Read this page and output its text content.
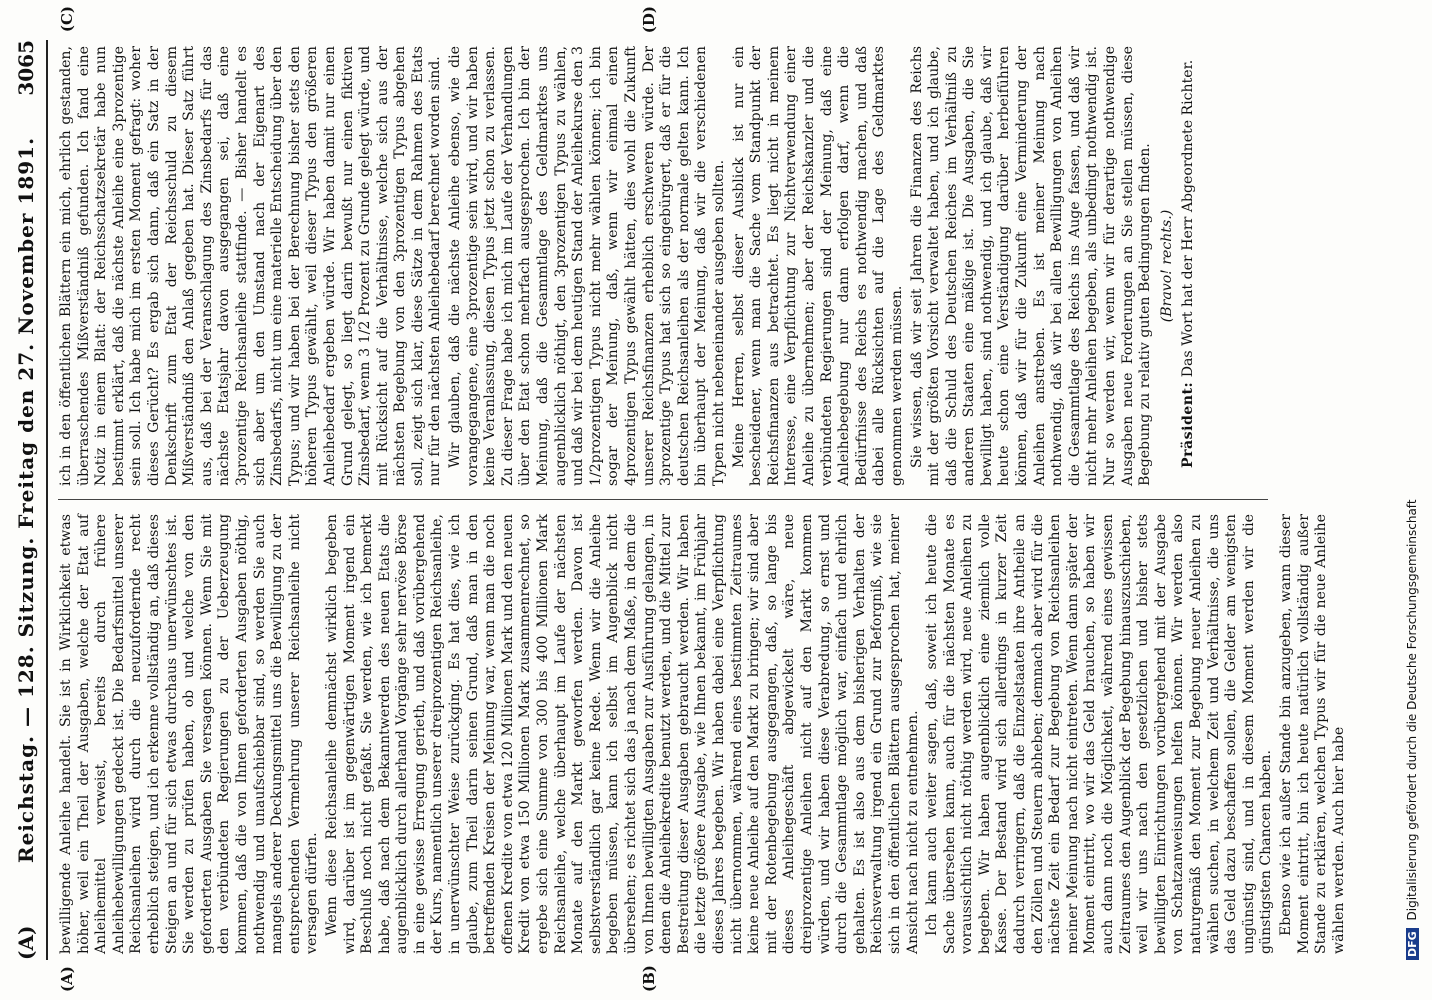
(A)
Reichstag. — 128. Sitzung. Freitag den 27. November 1891.
3065
(A)	(B)
(C)	(D)

bewilligende Anleihe handelt. Sie ist in Wirklichkeit etwas höher, weil ein Theil der Ausgaben, welche der Etat auf Anleihemittel verweist, bereits durch frühere Anleihebewilligungen gedeckt ist. Die Bedarfsmittel unserer Reichsanleihen wird durch die neuzufordernde recht erheblich steigen, und ich erkenne vollständig an, daß dieses Steigen an und für sich etwas durchaus unerwünschtes ist. Sie werden zu prüfen haben, ob und welche von den geforderten Ausgaben Sie versagen können. Wenn Sie mit den verbündeten Regierungen zu der Ueberzeugung kommen, daß die von Ihnen geforderten Ausgaben nöthig, nothwendig und unaufschiebbar sind, so werden Sie auch mangels anderer Deckungsmittel uns die Bewilligung zu der entsprechenden Vermehrung unserer Reichsanleihe nicht versagen dürfen. Wenn diese Reichsanleihe demnächst wirklich begeben wird, darüber ist im gegenwärtigen Moment irgend ein Beschluß noch nicht gefaßt. Sie werden, wie ich bemerkt habe, daß nach dem Bekanntwerden des neuen Etats die augenblicklich durch allerhand Vorgänge sehr nervöse Börse in eine gewisse Erregung gerieth, und daß vorübergehend der Kurs, namentlich unserer dreiprozentigen Reichsanleihe, in unerwünschter Weise zurückging. Es hat dies, wie ich glaube, zum Theil darin seinen Grund, daß man in den betreffenden Kreisen der Meinung war, wenn man die noch offenen Kredite von etwa 120 Millionen Mark und den neuen Kredit von etwa 150 Millionen Mark zusammenrechnet, so ergebe sich eine Summe von 300 bis 400 Millionen Mark Reichsanleihe, welche überhaupt im Laufe der nächsten Monate auf den Markt geworfen werden. Davon ist selbstverständlich gar keine Rede. Wenn wir die Anleihe begeben müssen, kann ich selbst im Augenblick nicht übersehen; es richtet sich das ja nach dem Maße, in dem die von Ihnen bewilligten Ausgaben zur Ausführung gelangen, in denen die Anleihekredite benutzt werden, und die Mittel zur Bestreitung dieser Ausgaben gebraucht werden. Wir haben die letzte größere Ausgabe, wie Ihnen bekannt, im Frühjahr dieses Jahres begeben. Wir haben dabei eine Verpflichtung nicht übernommen, während eines bestimmten Zeitraumes keine neue Anleihe auf den Markt zu bringen; wir sind aber mit der Rotenbegebung ausgegangen, daß, so lange bis dieses Anleihegeschäft abgewickelt wäre, neue dreiprozentige Anleihen nicht auf den Markt kommen würden, und wir haben diese Verabredung, so ernst und durch die Gesammtlage möglich war, einfach und ehrlich gehalten. Es ist also aus dem bisherigen Verhalten der Reichsverwaltung irgend ein Grund zur Beforgniß, wie sie sich in den öffentlichen Blättern ausgesprochen hat, meiner Ansicht nach nicht zu entnehmen. Ich kann auch weiter sagen, daß, soweit ich heute die Sache übersehen kann, auch für die nächsten Monate es voraussichtlich nicht nöthig werden wird, neue Anleihen zu begeben. Wir haben augenblicklich eine ziemlich volle Kasse. Der Bestand wird sich allerdings in kurzer Zeit dadurch verringern, daß die Einzelstaaten ihre Antheile an den Zöllen und Steuern abheben; demnach aber wird für die nächste Zeit ein Bedarf zur Begebung von Reichsanleihen meiner Meinung nach nicht eintreten. Wenn dann später der Moment eintritt, wo wir das Geld brauchen, so haben wir auch dann noch die Möglichkeit, während eines gewissen Zeitraumes den Augenblick der Begebung hinauszuschieben, weil wir uns nach den gesetzlichen und bisher stets bewilligten Einrichtungen vorübergehend mit der Ausgabe von Schatzanweisungen helfen können. Wir werden also naturgemäß den Moment zur Begebung neuer Anleihen zu wählen suchen, in welchem Zeit und Verhältnisse, die uns das Geld dazu beschaffen sollen, die Gelder am wenigsten ungünstig sind, und in diesem Moment werden wir die günstigsten Chancen haben. Ebenso wie ich außer Stande bin anzugeben, wann dieser Moment eintritt, bin ich heute natürlich vollständig außer Stande zu erklären, welchen Typus wir für die neue Anleihe wählen werden. Auch hier habe

ich in den öffentlichen Blättern ein mich, ehrlich gestanden, überraschendes Mißverständniß gefunden. Ich fand eine Notiz in einem Blatt: der Reichsschatzsekretär habe nun bestimmt erklärt, daß die nächste Anleihe eine 3prozentige sein soll. Ich habe mich im ersten Moment gefragt: woher dieses Gerücht? Es ergab sich dann, daß ein Satz in der Denkschrift zum Etat der Reichsschuld zu diesem Mißverständniß den Anlaß gegeben hat. Dieser Satz führt aus, daß bei der Veranschlagung des Zinsbedarfs für das nächste Etatsjahr davon ausgegangen sei, daß eine 3prozentige Reichsanleihe stattfinde. — Bisher handelt es sich aber um den Umstand nach der Eigenart des Zinsbedarfs, nicht um eine materielle Entscheidung über den Typus; und wir haben bei der Berechnung bisher stets den höheren Typus gewählt, weil dieser Typus den größeren Anleihebedarf ergeben würde. Wir haben damit nur einen Grund gelegt, so liegt darin bewußt nur einen fiktiven Zinsbedarf, wenn 3 1/2 Prozent zu Grunde gelegt würde, und mit Rücksicht auf die Verhältnisse, welche sich aus der nächsten Begebung von den 3prozentigen Typus abgehen soll, zeigt sich klar, diese Sätze in dem Rahmen des Etats nur für den nächsten Anleihebedarf berechnet worden sind. Wir glauben, daß die nächste Anleihe ebenso, wie die vorangegangene, eine 3prozentige sein wird, und wir haben keine Veranlassung, diesen Typus jetzt schon zu verlassen. Zu dieser Frage habe ich mich im Laufe der Verhandlungen über den Etat schon mehrfach ausgesprochen. Ich bin der Meinung, daß die Gesammtlage des Geldmarktes uns augenblicklich nöthigt, den 3prozentigen Typus zu wählen, und daß wir bei dem heutigen Stand der Anleihekurse den 3 1/2prozentigen Typus nicht mehr wählen können; ich bin sogar der Meinung, daß, wenn wir einmal einen 4prozentigen Typus gewählt hätten, dies wohl die Zukunft unserer Reichsfinanzen erheblich erschweren würde. Der 3prozentige Typus hat sich so eingebürgert, daß er für die deutschen Reichsanleihen als der normale gelten kann. Ich bin überhaupt der Meinung, daß wir die verschiedenen Typen nicht nebeneinander ausgeben sollten. Meine Herren, selbst dieser Ausblick ist nur ein bescheidener, wenn man die Sache vom Standpunkt der Reichsfinanzen aus betrachtet. Es liegt nicht in meinem Interesse, eine Verpflichtung zur Nichtverwendung einer Anleihe zu übernehmen; aber der Reichskanzler und die verbündeten Regierungen sind der Meinung, daß eine Anleihebegebung nur dann erfolgen darf, wenn die Bedürfnisse des Reichs es nothwendig machen, und daß dabei alle Rücksichten auf die Lage des Geldmarktes genommen werden müssen. Sie wissen, daß wir seit Jahren die Finanzen des Reichs mit der größten Vorsicht verwaltet haben, und ich glaube, daß die Schuld des Deutschen Reiches im Verhältniß zu anderen Staaten eine mäßige ist. Die Ausgaben, die Sie bewilligt haben, sind nothwendig, und ich glaube, daß wir heute schon eine Verständigung darüber herbeiführen können, daß wir für die Zukunft eine Verminderung der Anleihen anstreben. Es ist meiner Meinung nach nothwendig, daß wir bei allen Bewilligungen von Anleihen die Gesammtlage des Reichs ins Auge fassen, und daß wir nicht mehr Anleihen begeben, als unbedingt nothwendig ist. Nur so werden wir, wenn wir für derartige nothwendige Ausgaben neue Forderungen an Sie stellen müssen, diese Begebung zu relativ guten Bedingungen finden. (Bravo! rechts.)

Präsident: Das Wort hat der Herr Abgeordnete Richter.

DFG Digitalisierung gefördert durch die Deutsche Forschungsgemeinschaft
